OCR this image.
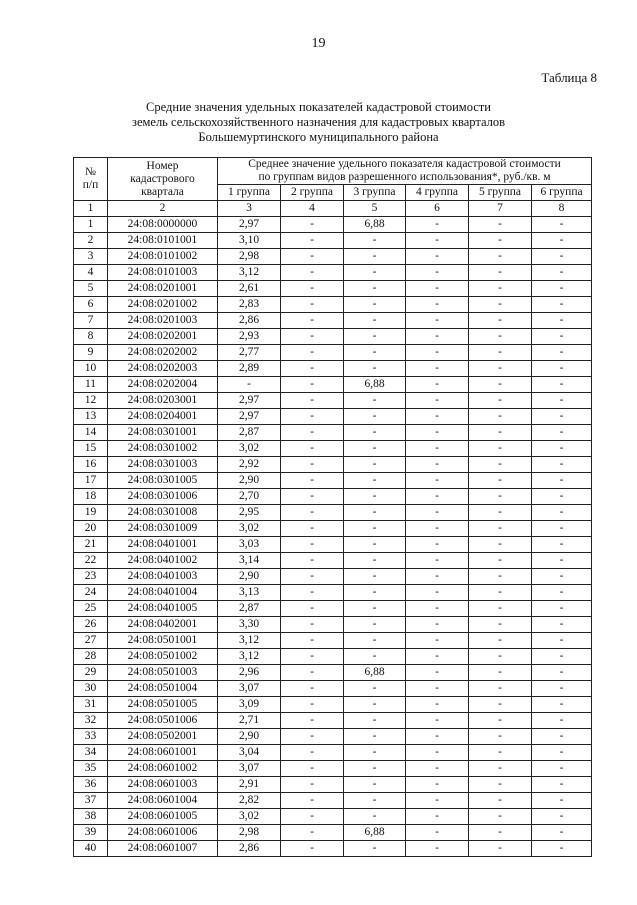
19
Таблица 8
Средние значения удельных показателей кадастровой стоимости
земель сельскохозяйственного назначения для кадастровых кварталов
Большемуртинского муниципального района
№ п/п	Номер кадастрового квартала	Среднее значение удельного показателя кадастровой стоимости
по группам видов разрешенного использования*, руб./кв. м					

		1 группа	2 группа	3 группа	4 группа	5 группа	6 группа
1	2	3	4	5	6	7	8
1	24:08:0000000	2,97	-	6,88	-	-	-
2	24:08:0101001	3,10	-	-	-	-	-
3	24:08:0101002	2,98	-	-	-	-	-
4	24:08:0101003	3,12	-	-	-	-	-
5	24:08:0201001	2,61	-	-	-	-	-
6	24:08:0201002	2,83	-	-	-	-	-
7	24:08:0201003	2,86	-	-	-	-	-
8	24:08:0202001	2,93	-	-	-	-	-
9	24:08:0202002	2,77	-	-	-	-	-
10	24:08:0202003	2,89	-	-	-	-	-
11	24:08:0202004	-	-	6,88	-	-	-
12	24:08:0203001	2,97	-	-	-	-	-
13	24:08:0204001	2,97	-	-	-	-	-
14	24:08:0301001	2,87	-	-	-	-	-
15	24:08:0301002	3,02	-	-	-	-	-
16	24:08:0301003	2,92	-	-	-	-	-
17	24:08:0301005	2,90	-	-	-	-	-
18	24:08:0301006	2,70	-	-	-	-	-
19	24:08:0301008	2,95	-	-	-	-	-
20	24:08:0301009	3,02	-	-	-	-	-
21	24:08:0401001	3,03	-	-	-	-	-
22	24:08:0401002	3,14	-	-	-	-	-
23	24:08:0401003	2,90	-	-	-	-	-
24	24:08:0401004	3,13	-	-	-	-	-
25	24:08:0401005	2,87	-	-	-	-	-
26	24:08:0402001	3,30	-	-	-	-	-
27	24:08:0501001	3,12	-	-	-	-	-
28	24:08:0501002	3,12	-	-	-	-	-
29	24:08:0501003	2,96	-	6,88	-	-	-
30	24:08:0501004	3,07	-	-	-	-	-
31	24:08:0501005	3,09	-	-	-	-	-
32	24:08:0501006	2,71	-	-	-	-	-
33	24:08:0502001	2,90	-	-	-	-	-
34	24:08:0601001	3,04	-	-	-	-	-
35	24:08:0601002	3,07	-	-	-	-	-
36	24:08:0601003	2,91	-	-	-	-	-
37	24:08:0601004	2,82	-	-	-	-	-
38	24:08:0601005	3,02	-	-	-	-	-
39	24:08:0601006	2,98	-	6,88	-	-	-
40	24:08:0601007	2,86	-	-	-	-	-
